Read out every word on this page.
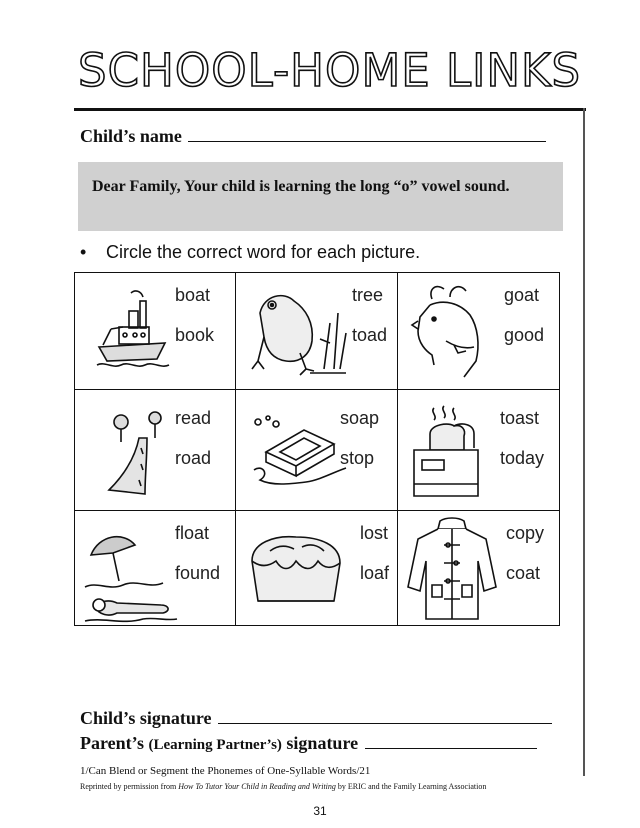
SCHOOL-HOME LINKS
Child’s name
Dear Family, Your child is learning the long “o” vowel sound.
• Circle the correct word for each picture.
boat
book
tree
toad
goat
good
read
road
soap
stop
toast
today
float
found
lost
loaf
copy
coat
Child’s signature
Parent’s (Learning Partner’s) signature
1/Can Blend or Segment the Phonemes of One-Syllable Words/21
Reprinted by permission from How To Tutor Your Child in Reading and Writing by ERIC and the Family Learning Association
31
